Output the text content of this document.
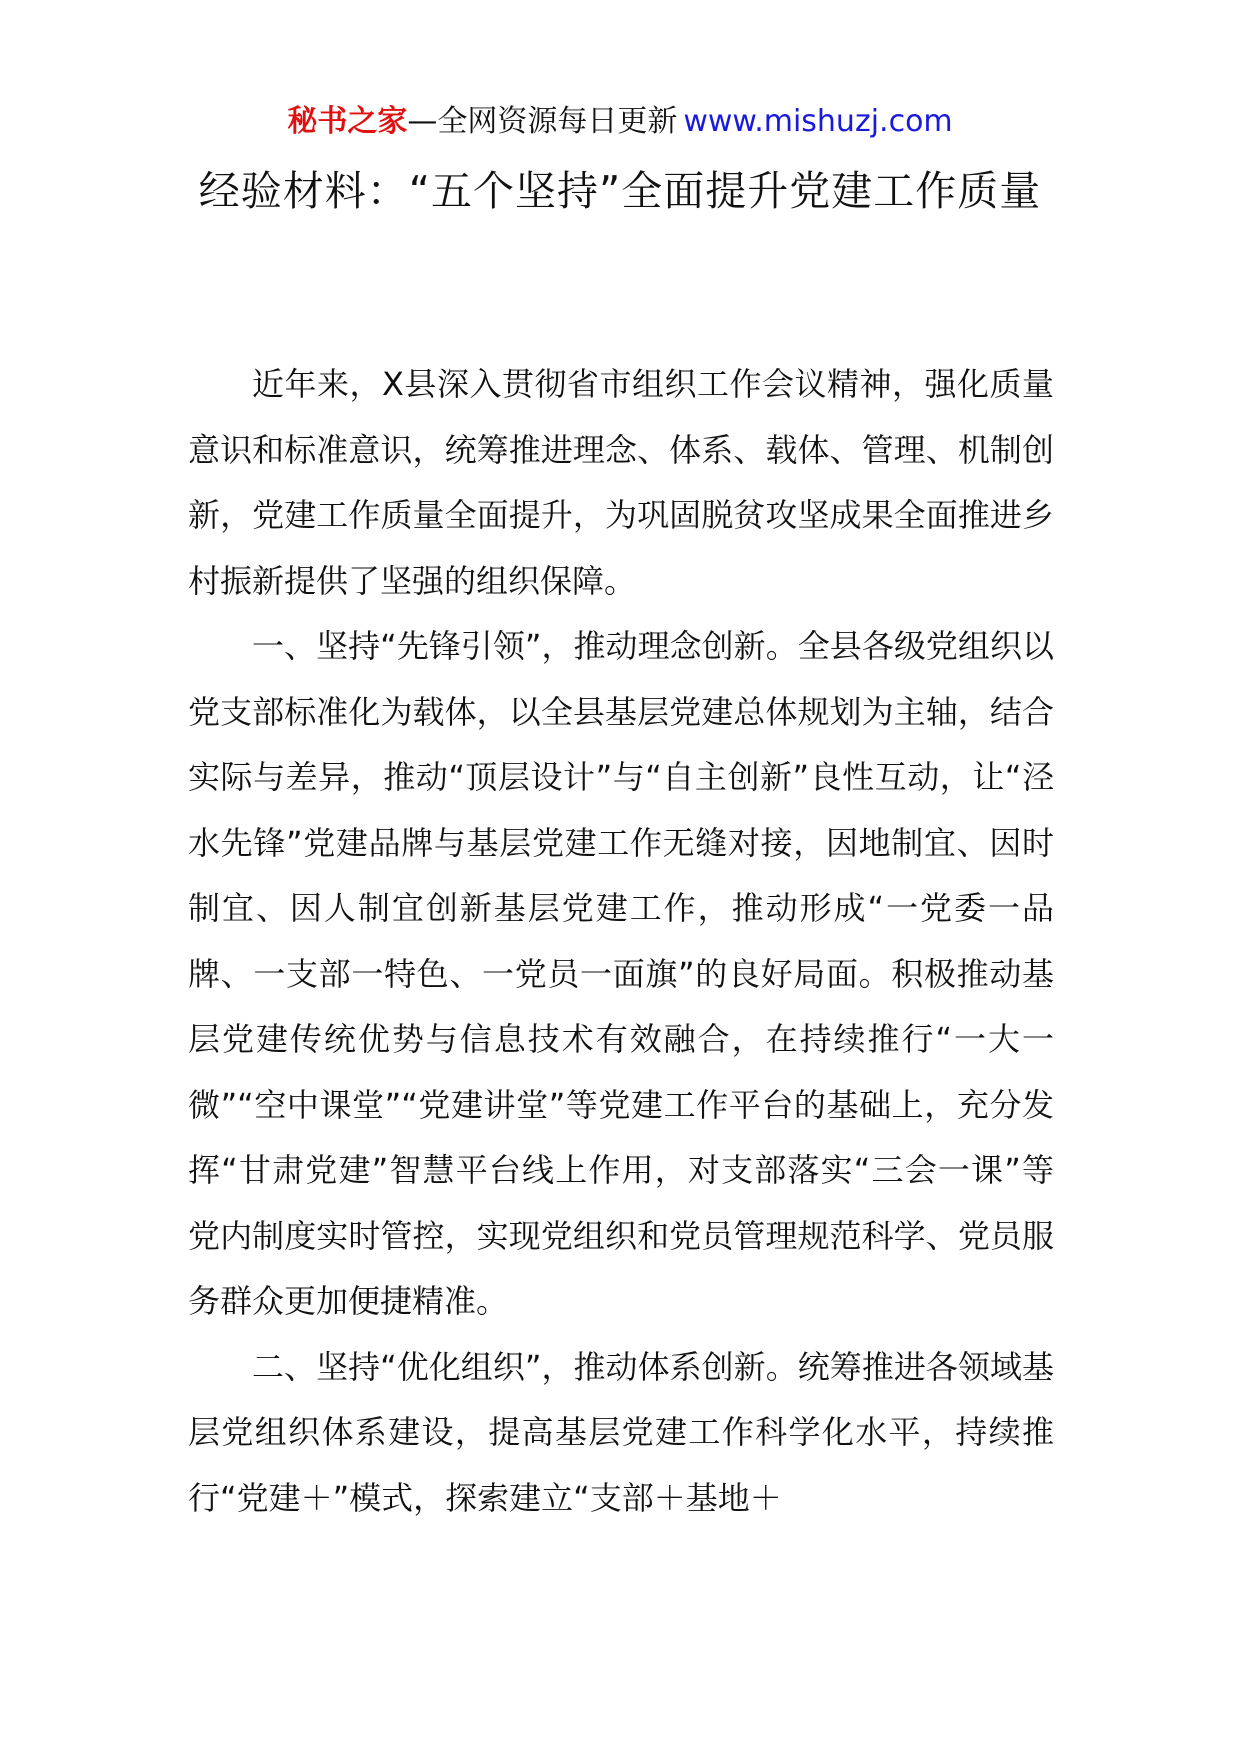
秘书之家—全网资源每日更新 www.mishuzj.com
经验材料：“五个坚持”全面提升党建工作质量

近年来，X县深入贯彻省市组织工作会议精神，强化质量意识和标准意识，统筹推进理念、体系、载体、管理、机制创新，党建工作质量全面提升，为巩固脱贫攻坚成果全面推进乡村振新提供了坚强的组织保障。

一、坚持“先锋引领”，推动理念创新。全县各级党组织以党支部标准化为载体，以全县基层党建总体规划为主轴，结合实际与差异，推动“顶层设计”与“自主创新”良性互动，让“泾水先锋”党建品牌与基层党建工作无缝对接，因地制宜、因时制宜、因人制宜创新基层党建工作，推动形成“一党委一品牌、一支部一特色、一党员一面旗”的良好局面。积极推动基层党建传统优势与信息技术有效融合，在持续推行“一大一微”“空中课堂”“党建讲堂”等党建工作平台的基础上，充分发挥“甘肃党建”智慧平台线上作用，对支部落实“三会一课”等党内制度实时管控，实现党组织和党员管理规范科学、党员服务群众更加便捷精准。

二、坚持“优化组织”，推动体系创新。统筹推进各领域基层党组织体系建设，提高基层党建工作科学化水平，持续推行“党建＋”模式，探索建立“支部＋基地＋
